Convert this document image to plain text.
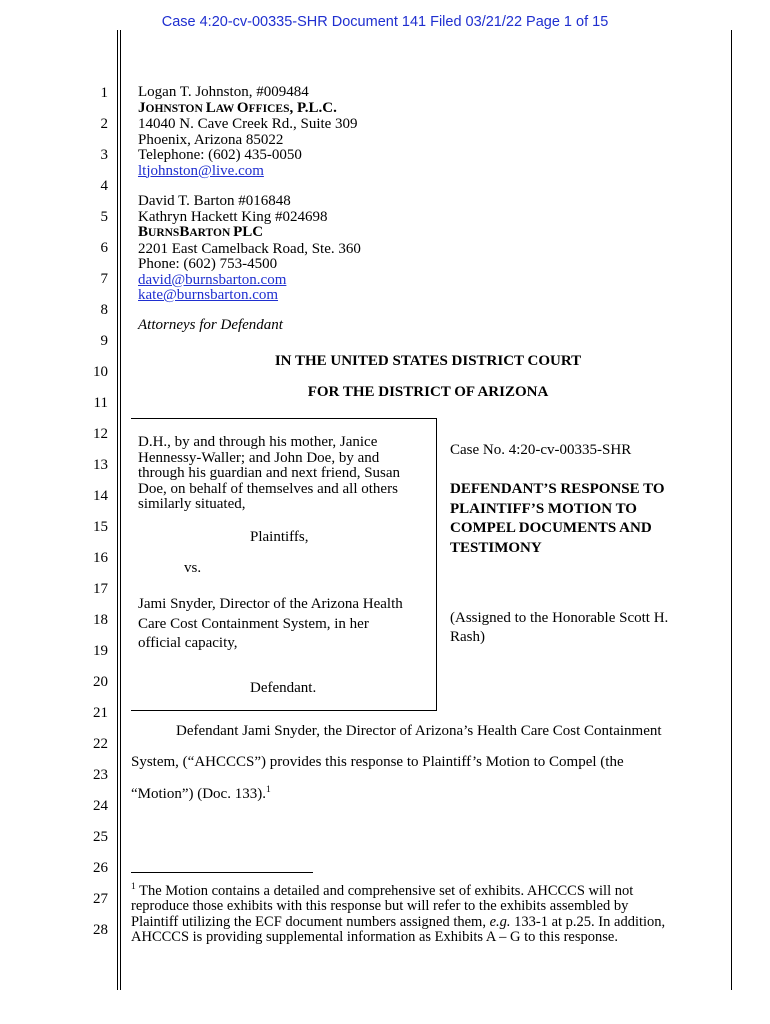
Case 4:20-cv-00335-SHR Document 141 Filed 03/21/22 Page 1 of 15
1
2
3
4
5
6
7
8
9
10
11
12
13
14
15
16
17
18
19
20
21
22
23
24
25
26
27
28
Logan T. Johnston, #009484
JOHNSTON LAW OFFICES, P.L.C.
14040 N. Cave Creek Rd., Suite 309
Phoenix, Arizona 85022
Telephone: (602) 435-0050
ltjohnston@live.com
David T. Barton #016848
Kathryn Hackett King #024698
BURNSBARTON PLC
2201 East Camelback Road, Ste. 360
Phone: (602) 753-4500
david@burnsbarton.com
kate@burnsbarton.com
Attorneys for Defendant
IN THE UNITED STATES DISTRICT COURT
FOR THE DISTRICT OF ARIZONA
D.H., by and through his mother, Janice
Hennessy-Waller; and John Doe, by and
through his guardian and next friend, Susan
Doe, on behalf of themselves and all others
similarly situated,
Plaintiffs,
vs.
Jami Snyder, Director of the Arizona Health
Care Cost Containment System, in her
official capacity,
Defendant.
Case No. 4:20-cv-00335-SHR
DEFENDANT’S RESPONSE TO
PLAINTIFF’S MOTION TO
COMPEL DOCUMENTS AND
TESTIMONY
(Assigned to the Honorable Scott H.
Rash)
Defendant Jami Snyder, the Director of Arizona’s Health Care Cost Containment
System, (“AHCCCS”) provides this response to Plaintiff’s Motion to Compel (the
“Motion”) (Doc. 133).$^1$
$^1$ The Motion contains a detailed and comprehensive set of exhibits. AHCCCS will not
reproduce those exhibits with this response but will refer to the exhibits assembled by
Plaintiff utilizing the ECF document numbers assigned them, e.g. 133-1 at p.25. In addition,
AHCCCS is providing supplemental information as Exhibits A – G to this response.
